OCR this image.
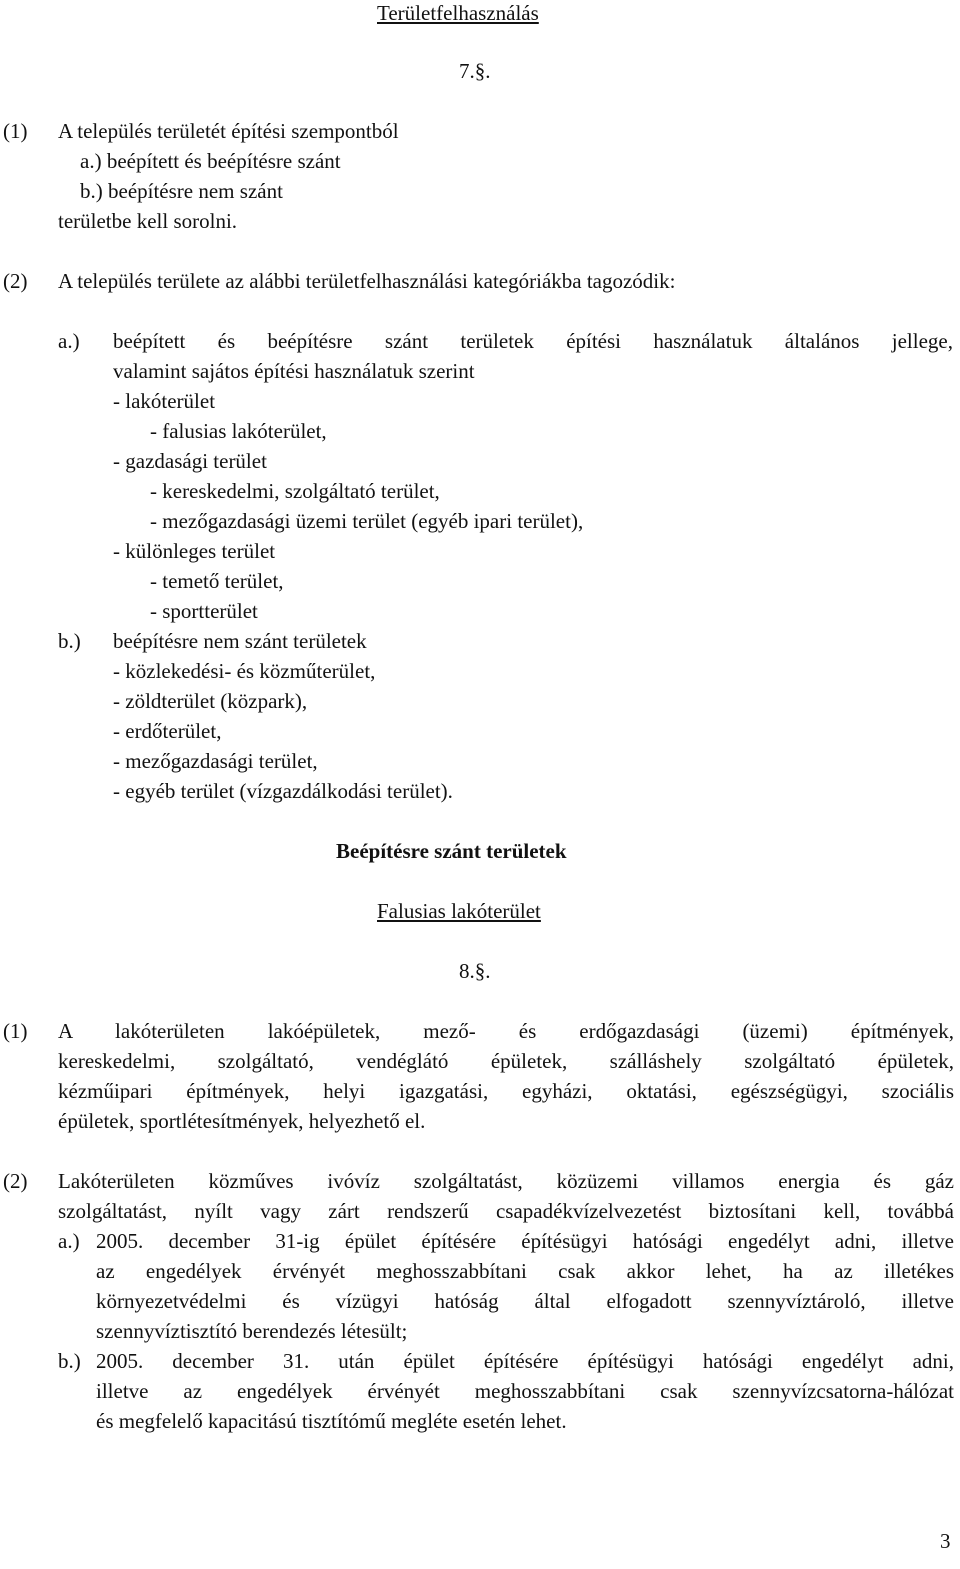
Területfelhasználás
7.§.
(1) A település területét építési szempontból
a.) beépített és beépítésre szánt
b.) beépítésre nem szánt
területbe kell sorolni.
(2) A település területe az alábbi területfelhasználási kategóriákba tagozódik:
a.) beépített és beépítésre szánt területek építési használatuk általános jellege,
valamint sajátos építési használatuk szerint
- lakóterület
- falusias lakóterület,
- gazdasági terület
- kereskedelmi, szolgáltató terület,
- mezőgazdasági üzemi terület (egyéb ipari terület),
- különleges terület
- temető terület,
- sportterület
b.) beépítésre nem szánt területek
- közlekedési- és közműterület,
- zöldterület (közpark),
- erdőterület,
- mezőgazdasági terület,
- egyéb terület (vízgazdálkodási terület).
Beépítésre szánt területek
Falusias lakóterület
8.§.
(1) A lakóterületen lakóépületek, mező- és erdőgazdasági (üzemi) építmények,
kereskedelmi, szolgáltató, vendéglátó épületek, szálláshely szolgáltató épületek,
kézműipari építmények, helyi igazgatási, egyházi, oktatási, egészségügyi, szociális
épületek, sportlétesítmények, helyezhető el.
(2) Lakóterületen közműves ivóvíz szolgáltatást, közüzemi villamos energia és gáz
szolgáltatást, nyílt vagy zárt rendszerű csapadékvízelvezetést biztosítani kell, továbbá
a.) 2005. december 31-ig épület építésére építésügyi hatósági engedélyt adni, illetve
az engedélyek érvényét meghosszabbítani csak akkor lehet, ha az illetékes
környezetvédelmi és vízügyi hatóság által elfogadott szennyvíztároló, illetve
szennyvíztisztító berendezés létesült;
b.) 2005. december 31. után épület építésére építésügyi hatósági engedélyt adni,
illetve az engedélyek érvényét meghosszabbítani csak szennyvízcsatorna-hálózat
és megfelelő kapacitású tisztítómű megléte esetén lehet.
3
